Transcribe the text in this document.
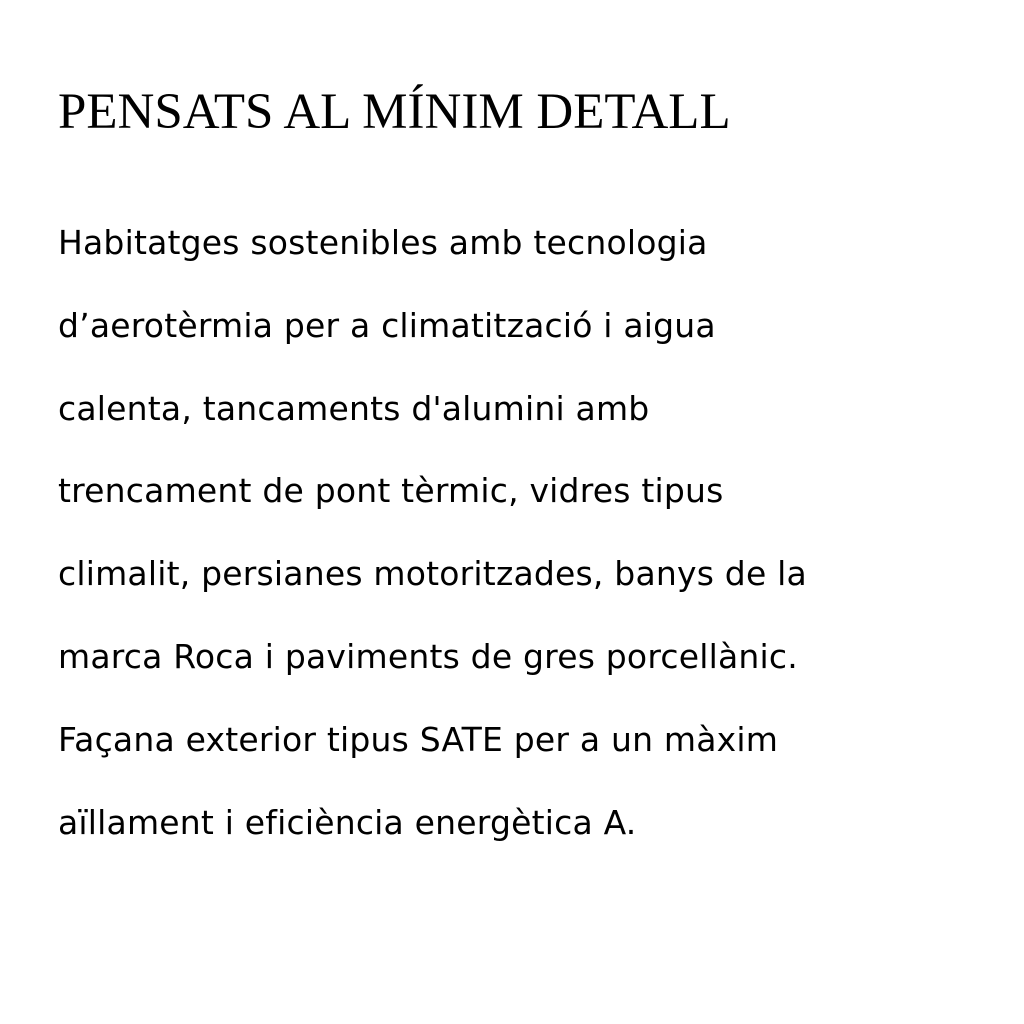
PENSATS AL MÍNIM DETALL
Habitatges sostenibles amb tecnologia
d’aerotèrmia per a climatització i aigua
calenta, tancaments d'alumini amb
trencament de pont tèrmic, vidres tipus
climalit, persianes motoritzades, banys de la
marca Roca i paviments de gres porcellànic.
Façana exterior tipus SATE per a un màxim
aïllament i eficiència energètica A.
